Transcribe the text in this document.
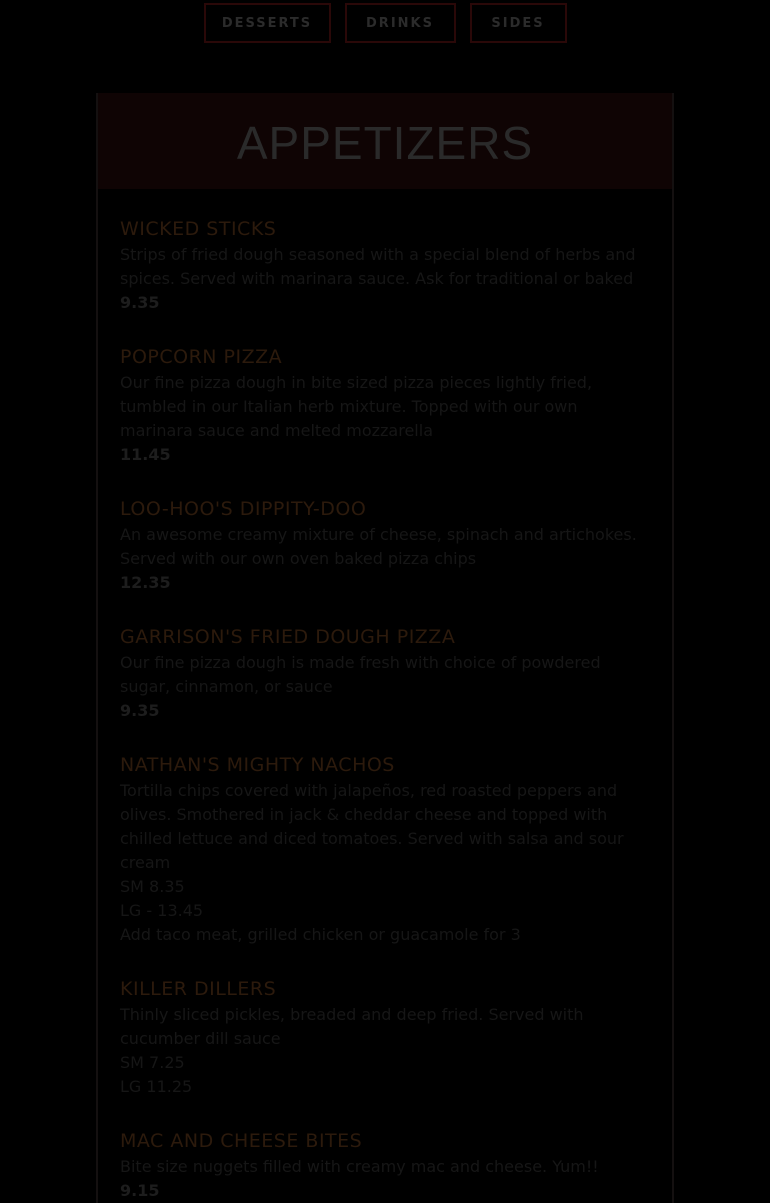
DESSERTS	DRINKS	SIDES
APPETIZERS
WICKED STICKS
Strips of fried dough seasoned with a special blend of herbs and spices. Served with marinara sauce. Ask for traditional or baked
9.35
POPCORN PIZZA
Our fine pizza dough in bite sized pizza pieces lightly fried, tumbled in our Italian herb mixture. Topped with our own marinara sauce and melted mozzarella
11.45
LOO-HOO'S DIPPITY-DOO
An awesome creamy mixture of cheese, spinach and artichokes. Served with our own oven baked pizza chips
12.35
GARRISON'S FRIED DOUGH PIZZA
Our fine pizza dough is made fresh with choice of powdered sugar, cinnamon, or sauce
9.35
NATHAN'S MIGHTY NACHOS
Tortilla chips covered with jalapeños, red roasted peppers and olives. Smothered in jack & cheddar cheese and topped with chilled lettuce and diced tomatoes. Served with salsa and sour cream
SM 8.35
LG - 13.45
Add taco meat, grilled chicken or guacamole for 3
KILLER DILLERS
Thinly sliced pickles, breaded and deep fried. Served with cucumber dill sauce
SM 7.25
LG 11.25
MAC AND CHEESE BITES
Bite size nuggets filled with creamy mac and cheese. Yum!!
9.15
